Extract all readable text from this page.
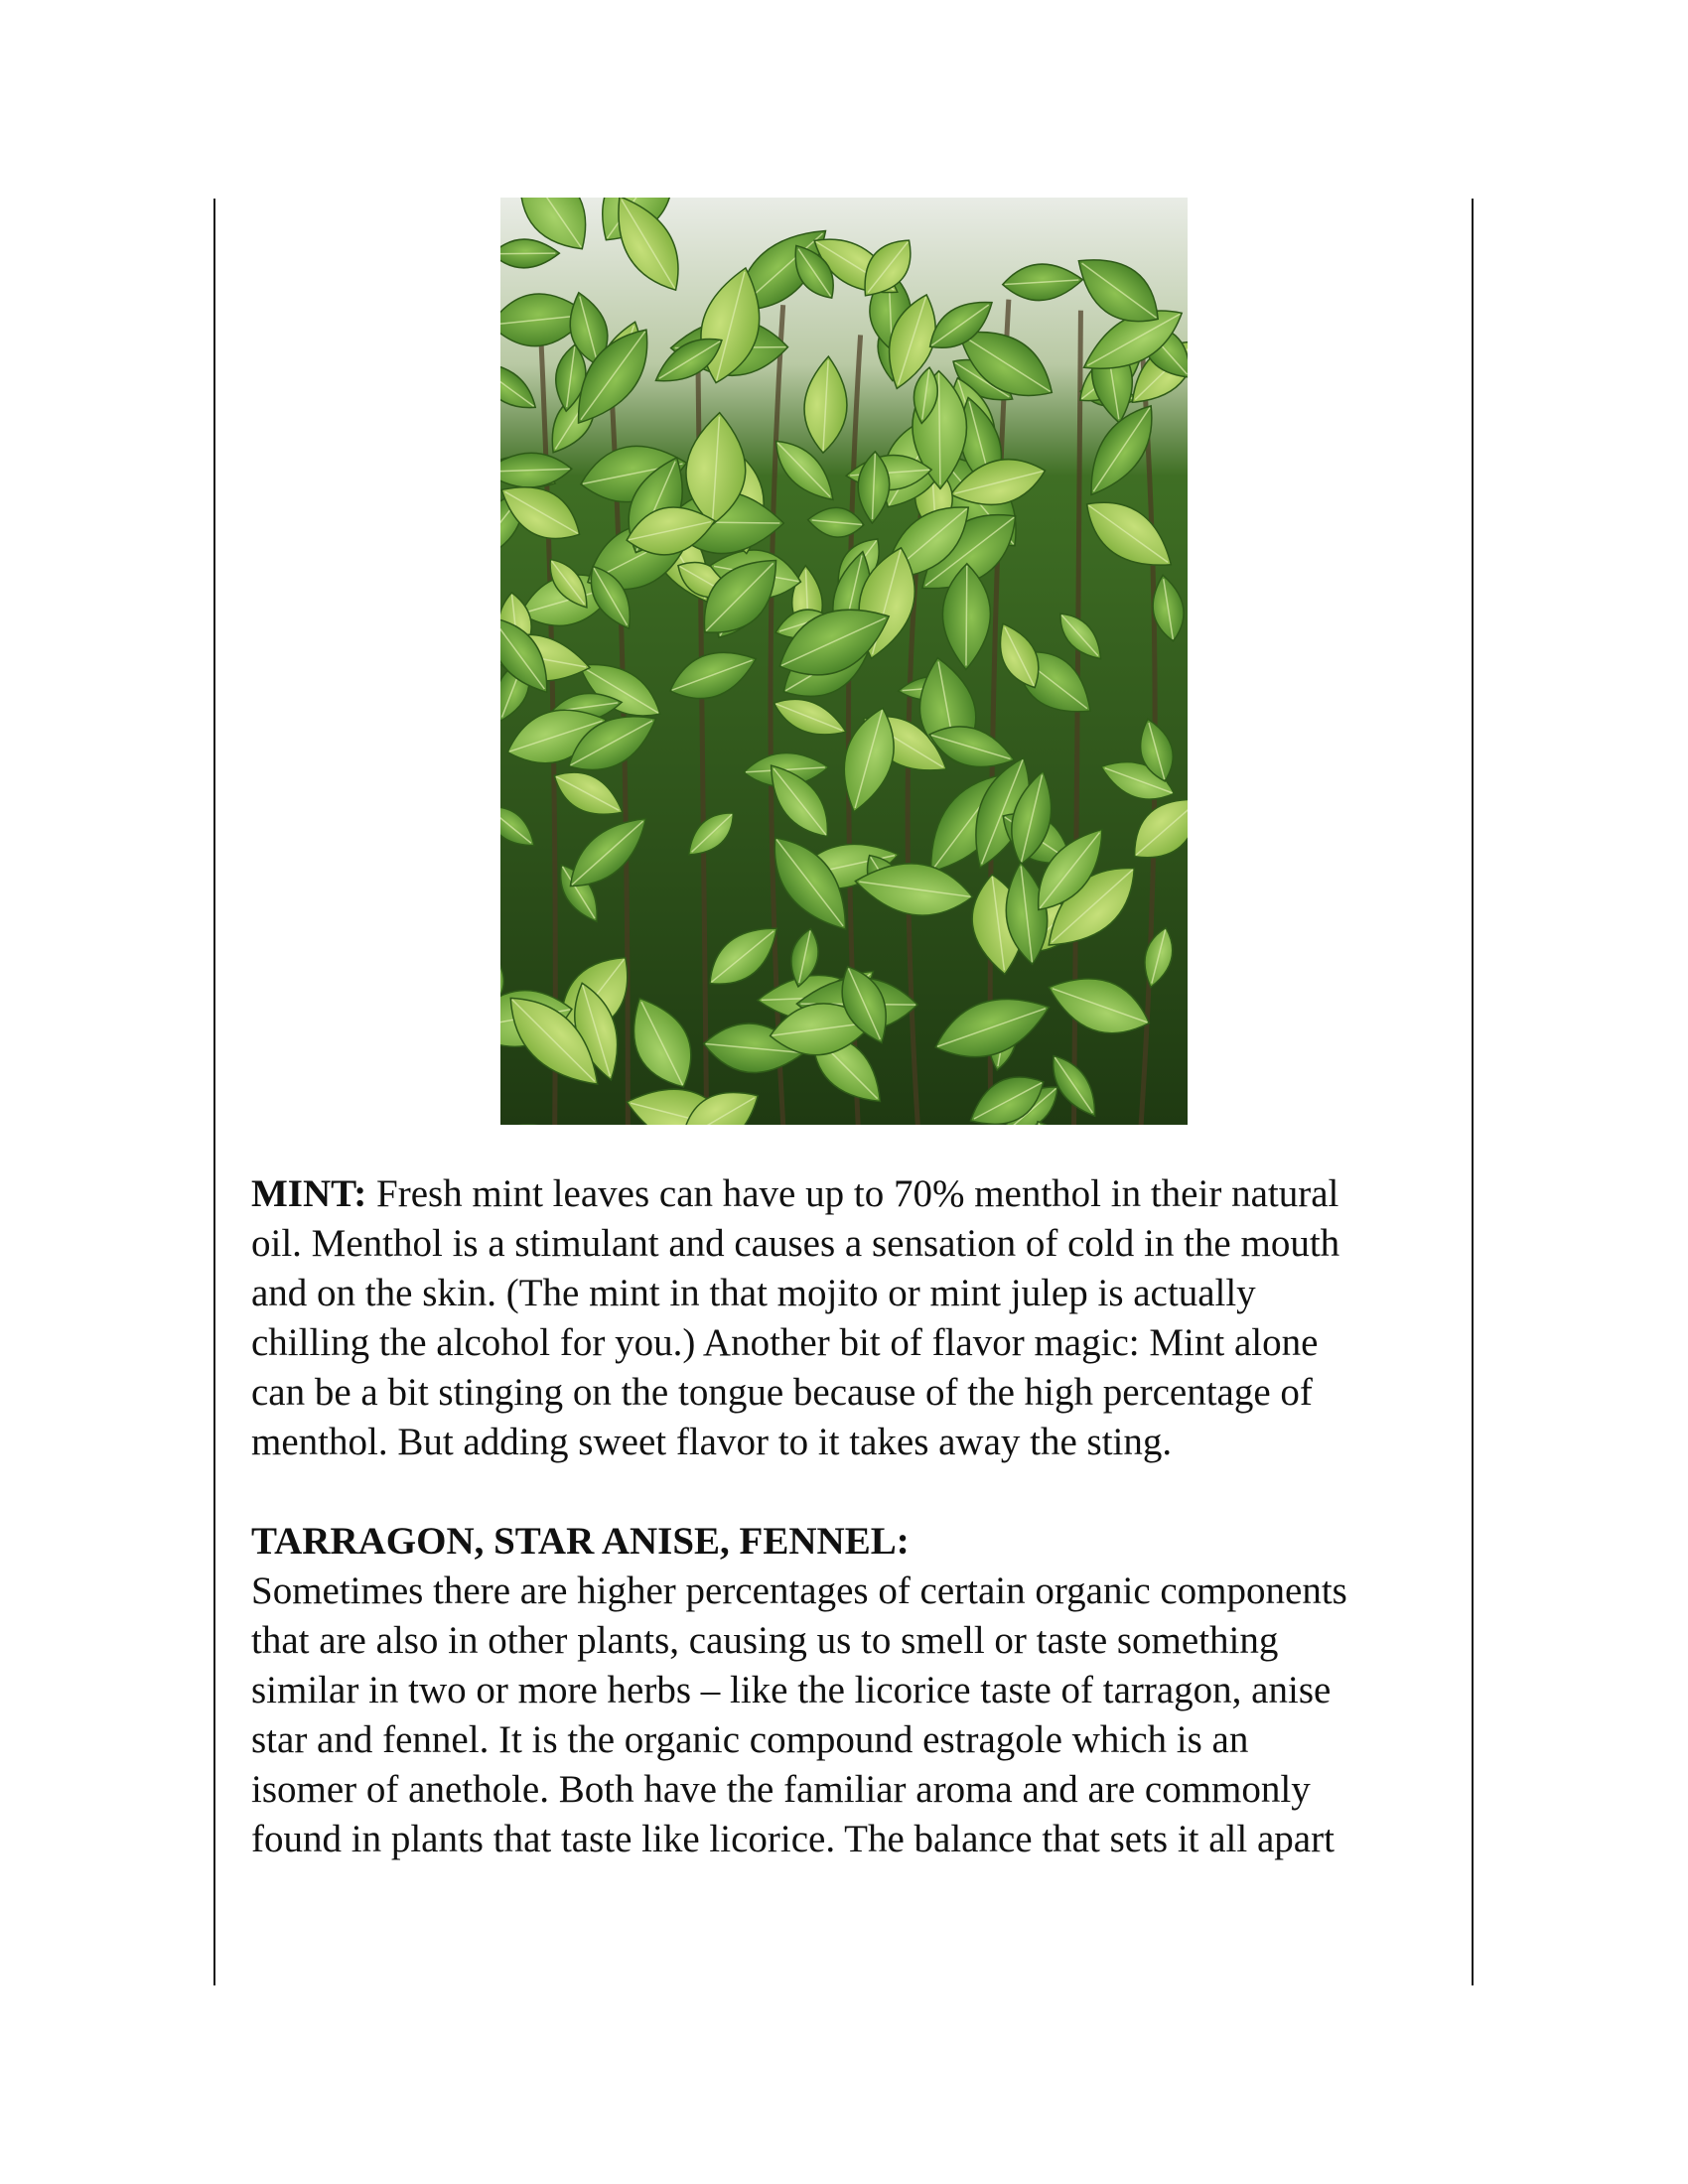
MINT: Fresh mint leaves can have up to 70% menthol in their natural
oil. Menthol is a stimulant and causes a sensation of cold in the mouth
and on the skin. (The mint in that mojito or mint julep is actually
chilling the alcohol for you.) Another bit of flavor magic: Mint alone
can be a bit stinging on the tongue because of the high percentage of
menthol. But adding sweet flavor to it takes away the sting.

TARRAGON, STAR ANISE, FENNEL:

Sometimes there are higher percentages of certain organic components
that are also in other plants, causing us to smell or taste something
similar in two or more herbs – like the licorice taste of tarragon, anise
star and fennel. It is the organic compound estragole which is an
isomer of anethole. Both have the familiar aroma and are commonly
found in plants that taste like licorice. The balance that sets it all apart
